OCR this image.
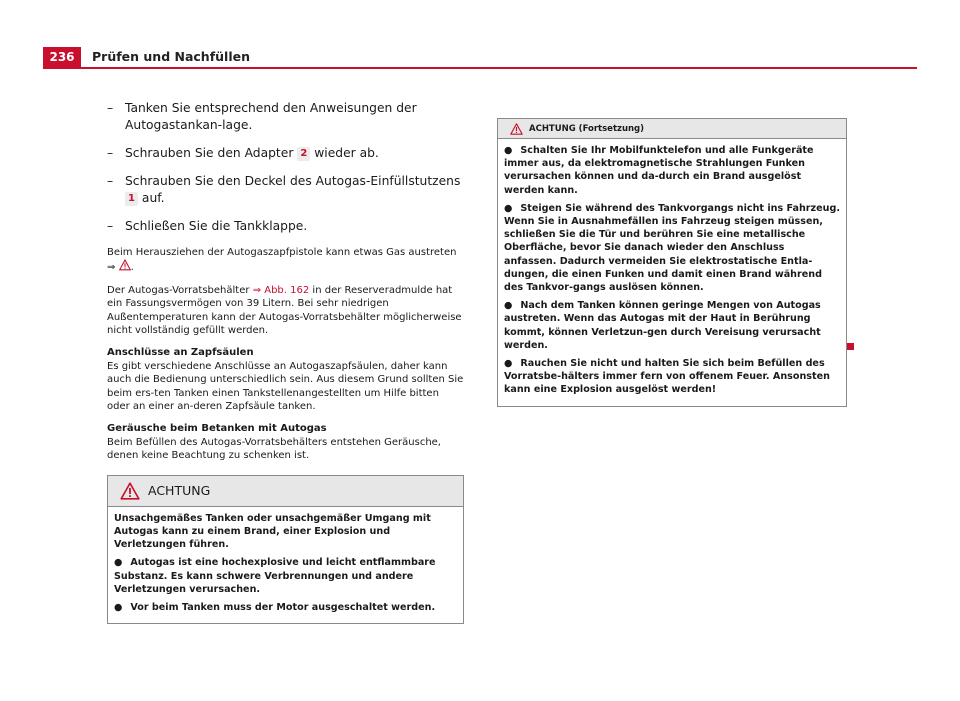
236	Prüfen und Nachfüllen
– Tanken Sie entsprechend den Anweisungen der Autogastankan-lage.
– Schrauben Sie den Adapter 2 wieder ab.
– Schrauben Sie den Deckel des Autogas-Einfüllstutzens 1 auf.
– Schließen Sie die Tankklappe.

Beim Herausziehen der Autogaszapfpistole kann etwas Gas austreten ⇒ .

Der Autogas-Vorratsbehälter ⇒ Abb. 162 in der Reserveradmulde hat ein Fassungsvermögen von 39 Litern. Bei sehr niedrigen Außentemperaturen kann der Autogas-Vorratsbehälter möglicherweise nicht vollständig gefüllt werden.

Anschlüsse an Zapfsäulen
Es gibt verschiedene Anschlüsse an Autogaszapfsäulen, daher kann auch die Bedienung unterschiedlich sein. Aus diesem Grund sollten Sie beim ers-ten Tanken einen Tankstellenangestellten um Hilfe bitten oder an einer an-deren Zapfsäule tanken.

Geräusche beim Betanken mit Autogas
Beim Befüllen des Autogas-Vorratsbehälters entstehen Geräusche, denen keine Beachtung zu schenken ist.

ACHTUNG

Unsachgemäßes Tanken oder unsachgemäßer Umgang mit Autogas kann zu einem Brand, einer Explosion und Verletzungen führen.

● Autogas ist eine hochexplosive und leicht entflammbare Substanz. Es kann schwere Verbrennungen und andere Verletzungen verursachen.

● Vor beim Tanken muss der Motor ausgeschaltet werden.

ACHTUNG (Fortsetzung)

● Schalten Sie Ihr Mobilfunktelefon und alle Funkgeräte immer aus, da elektromagnetische Strahlungen Funken verursachen können und da-durch ein Brand ausgelöst werden kann.

● Steigen Sie während des Tankvorgangs nicht ins Fahrzeug. Wenn Sie in Ausnahmefällen ins Fahrzeug steigen müssen, schließen Sie die Tür und berühren Sie eine metallische Oberfläche, bevor Sie danach wieder den Anschluss anfassen. Dadurch vermeiden Sie elektrostatische Entla-dungen, die einen Funken und damit einen Brand während des Tankvor-gangs auslösen können.

● Nach dem Tanken können geringe Mengen von Autogas austreten. Wenn das Autogas mit der Haut in Berührung kommt, können Verletzun-gen durch Vereisung verursacht werden.

● Rauchen Sie nicht und halten Sie sich beim Befüllen des Vorratsbe-hälters immer fern von offenem Feuer. Ansonsten kann eine Explosion ausgelöst werden!
